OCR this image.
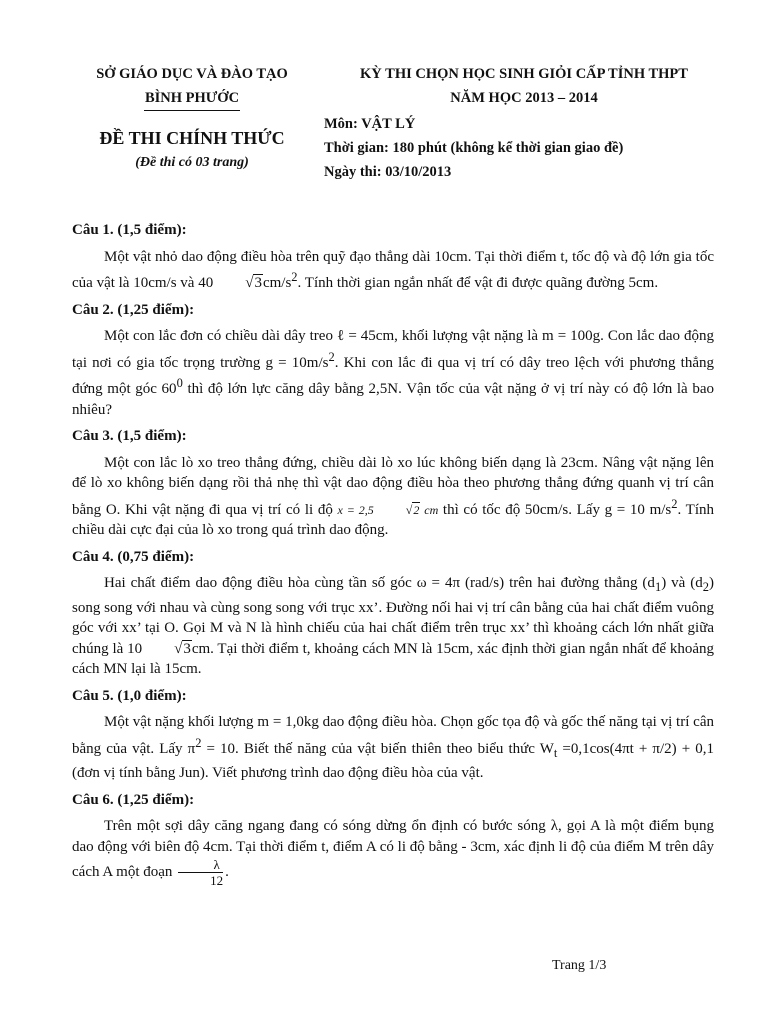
SỞ GIÁO DỤC VÀ ĐÀO TẠO
BÌNH PHƯỚC
ĐỀ THI CHÍNH THỨC
(Đề thi có 03 trang)
KỲ THI CHỌN HỌC SINH GIỎI CẤP TỈNH THPT
NĂM HỌC 2013 – 2014
Môn: VẬT LÝ
Thời gian: 180 phút (không kể thời gian giao đề)
Ngày thi: 03/10/2013
Câu 1. (1,5 điểm):
Một vật nhỏ dao động điều hòa trên quỹ đạo thẳng dài 10cm. Tại thời điểm t, tốc độ và độ lớn gia tốc của vật là 10cm/s và 40 $√3cm/s^2$. Tính thời gian ngắn nhất để vật đi được quãng đường 5cm.
Câu 2. (1,25 điểm):
Một con lắc đơn có chiều dài dây treo ℓ = 45cm, khối lượng vật nặng là m = 100g. Con lắc dao động tại nơi có gia tốc trọng trường $g = 10m/s^2$. Khi con lắc đi qua vị trí có dây treo lệch với phương thẳng đứng một góc $60^0$ thì độ lớn lực căng dây bằng 2,5N. Vận tốc của vật nặng ở vị trí này có độ lớn là bao nhiêu?
Câu 3. (1,5 điểm):
Một con lắc lò xo treo thẳng đứng, chiều dài lò xo lúc không biến dạng là 23cm. Nâng vật nặng lên để lò xo không biến dạng rồi thả nhẹ thì vật dao động điều hòa theo phương thẳng đứng quanh vị trí cân bằng O. Khi vật nặng đi qua vị trí có li độ x = 2,5	√2 cm thì có tốc độ 50cm/s. Lấy g = 10 $m/s^2$. Tính chiều dài cực đại của lò xo trong quá trình dao động.
Câu 4. (0,75 điểm):
Hai chất điểm dao động điều hòa cùng tần số góc ω = 4π (rad/s) trên hai đường thẳng $(d_1)$ và $(d_2)$ song song với nhau và cùng song song với trục xx’. Đường nối hai vị trí cân bằng của hai chất điểm vuông góc với xx’ tại O. Gọi M và N là hình chiếu của hai chất điểm trên trục xx’ thì khoảng cách lớn nhất giữa chúng là 10 √3cm. Tại thời điểm t, khoảng cách MN là 15cm, xác định thời gian ngắn nhất để khoảng cách MN lại là 15cm.
Câu 5. (1,0 điểm):
Một vật nặng khối lượng m = 1,0kg dao động điều hòa. Chọn gốc tọa độ và gốc thế năng tại vị trí cân bằng của vật. Lấy $\pi^2 = 10$. Biết thế năng của vật biến thiên theo biểu thức $W_t =0,1\cos(4\pi t + \pi/2) + 0,1$ (đơn vị tính bằng Jun). Viết phương trình dao động điều hòa của vật.
Câu 6. (1,25 điểm):
Trên một sợi dây căng ngang đang có sóng dừng ổn định có bước sóng λ, gọi A là một điểm bụng dao động với biên độ 4cm. Tại thời điểm t, điểm A có li độ bằng - 3cm, xác định li độ của điểm M trên dây cách A một đoạn $\frac{\lambda}{12}$ .
Trang 1/3
